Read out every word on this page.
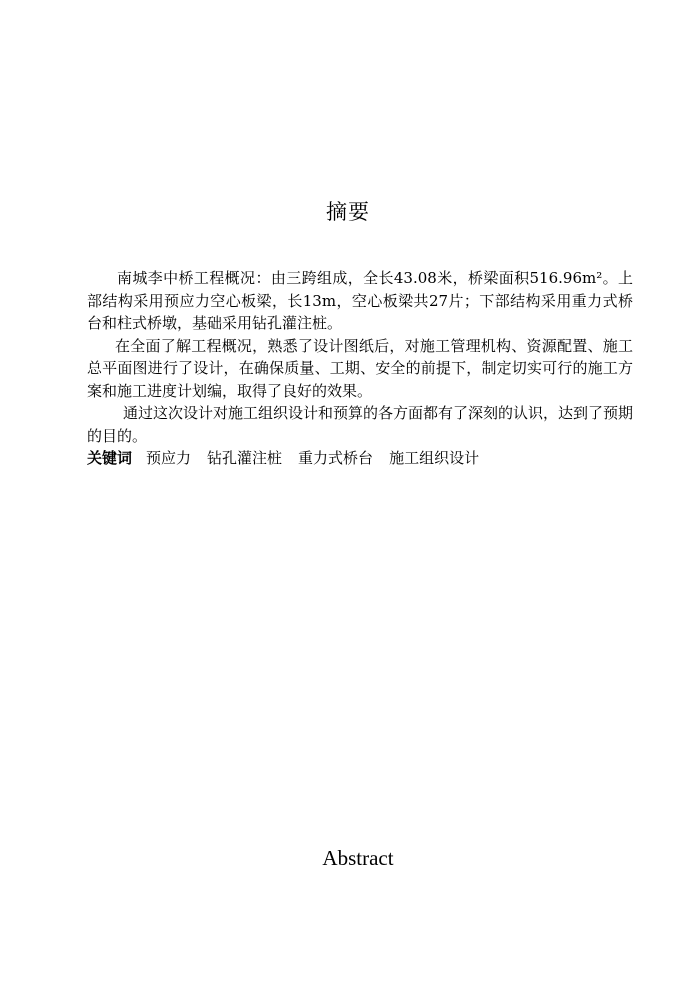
摘要

南城李中桥工程概况：由三跨组成，全长43.08米，桥梁面积516.96m²。上部结构采用预应力空心板梁，长13m，空心板梁共27片；下部结构采用重力式桥台和柱式桥墩，基础采用钻孔灌注桩。

在全面了解工程概况，熟悉了设计图纸后，对施工管理机构、资源配置、施工总平面图进行了设计，在确保质量、工期、安全的前提下，制定切实可行的施工方案和施工进度计划编，取得了良好的效果。

通过这次设计对施工组织设计和预算的各方面都有了深刻的认识，达到了预期的目的。

关键词 预应力 钻孔灌注桩 重力式桥台 施工组织设计

Abstract
